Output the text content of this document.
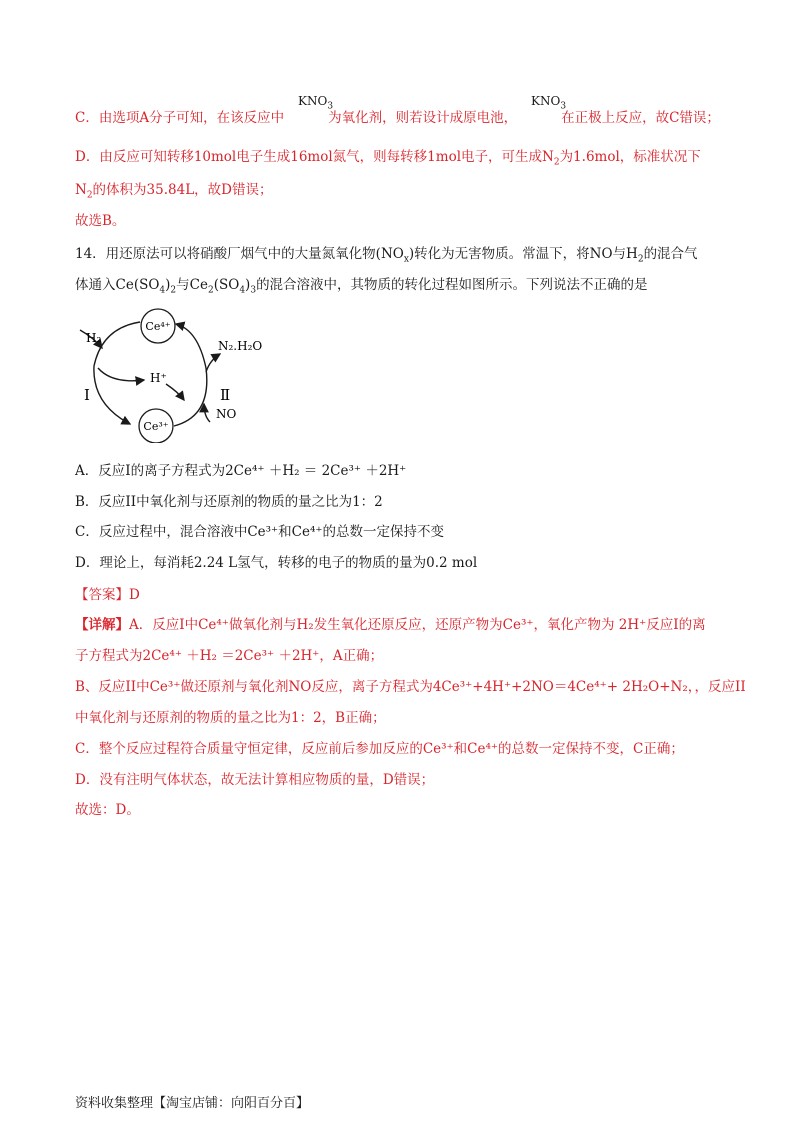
C．由选项A分子可知，在该反应中	为氧化剂，则若设计成原电池，	在正极上反应，故C错误；
$KNO_3$	$KNO_3$
D．由反应可知转移10mol电子生成16mol氮气，则每转移1mol电子，可生成$N_2$为1.6mol，标准状况下
$N_2$的体积为35.84L，故D错误；
故选B。
14．用还原法可以将硝酸厂烟气中的大量氮氧化物$(NO_x)$转化为无害物质。常温下，将NO与$H_2$的混合气
体通入$Ce(SO_4)_2$与$Ce_2(SO_4)_3$的混合溶液中，其物质的转化过程如图所示。下列说法不正确的是
Ce⁴⁺
Ce³⁺
H₂
H⁺
N₂.H₂O
I	Ⅱ
NO
A．反应I的离子方程式为2Ce⁴⁺ ＋H₂ ＝ 2Ce³⁺ ＋2H⁺
B．反应II中氧化剂与还原剂的物质的量之比为1：2
C．反应过程中，混合溶液中Ce³⁺和Ce⁴⁺的总数一定保持不变
D．理论上，每消耗2.24 L氢气，转移的电子的物质的量为0.2 mol
【答案】D
【详解】A．反应I中Ce⁴⁺做氧化剂与H₂发生氧化还原反应，还原产物为Ce³⁺，氧化产物为 2H⁺反应I的离
子方程式为2Ce⁴⁺ ＋H₂ ＝2Ce³⁺ ＋2H⁺，A正确；
B、反应II中Ce³⁺做还原剂与氧化剂NO反应，离子方程式为4Ce³⁺+4H⁺+2NO＝4Ce⁴⁺+ 2H₂O+N₂，，反应II
中氧化剂与还原剂的物质的量之比为1：2，B正确；
C．整个反应过程符合质量守恒定律，反应前后参加反应的Ce³⁺和Ce⁴⁺的总数一定保持不变，C正确；
D．没有注明气体状态，故无法计算相应物质的量，D错误；
故选：D。
资料收集整理【淘宝店铺：向阳百分百】
